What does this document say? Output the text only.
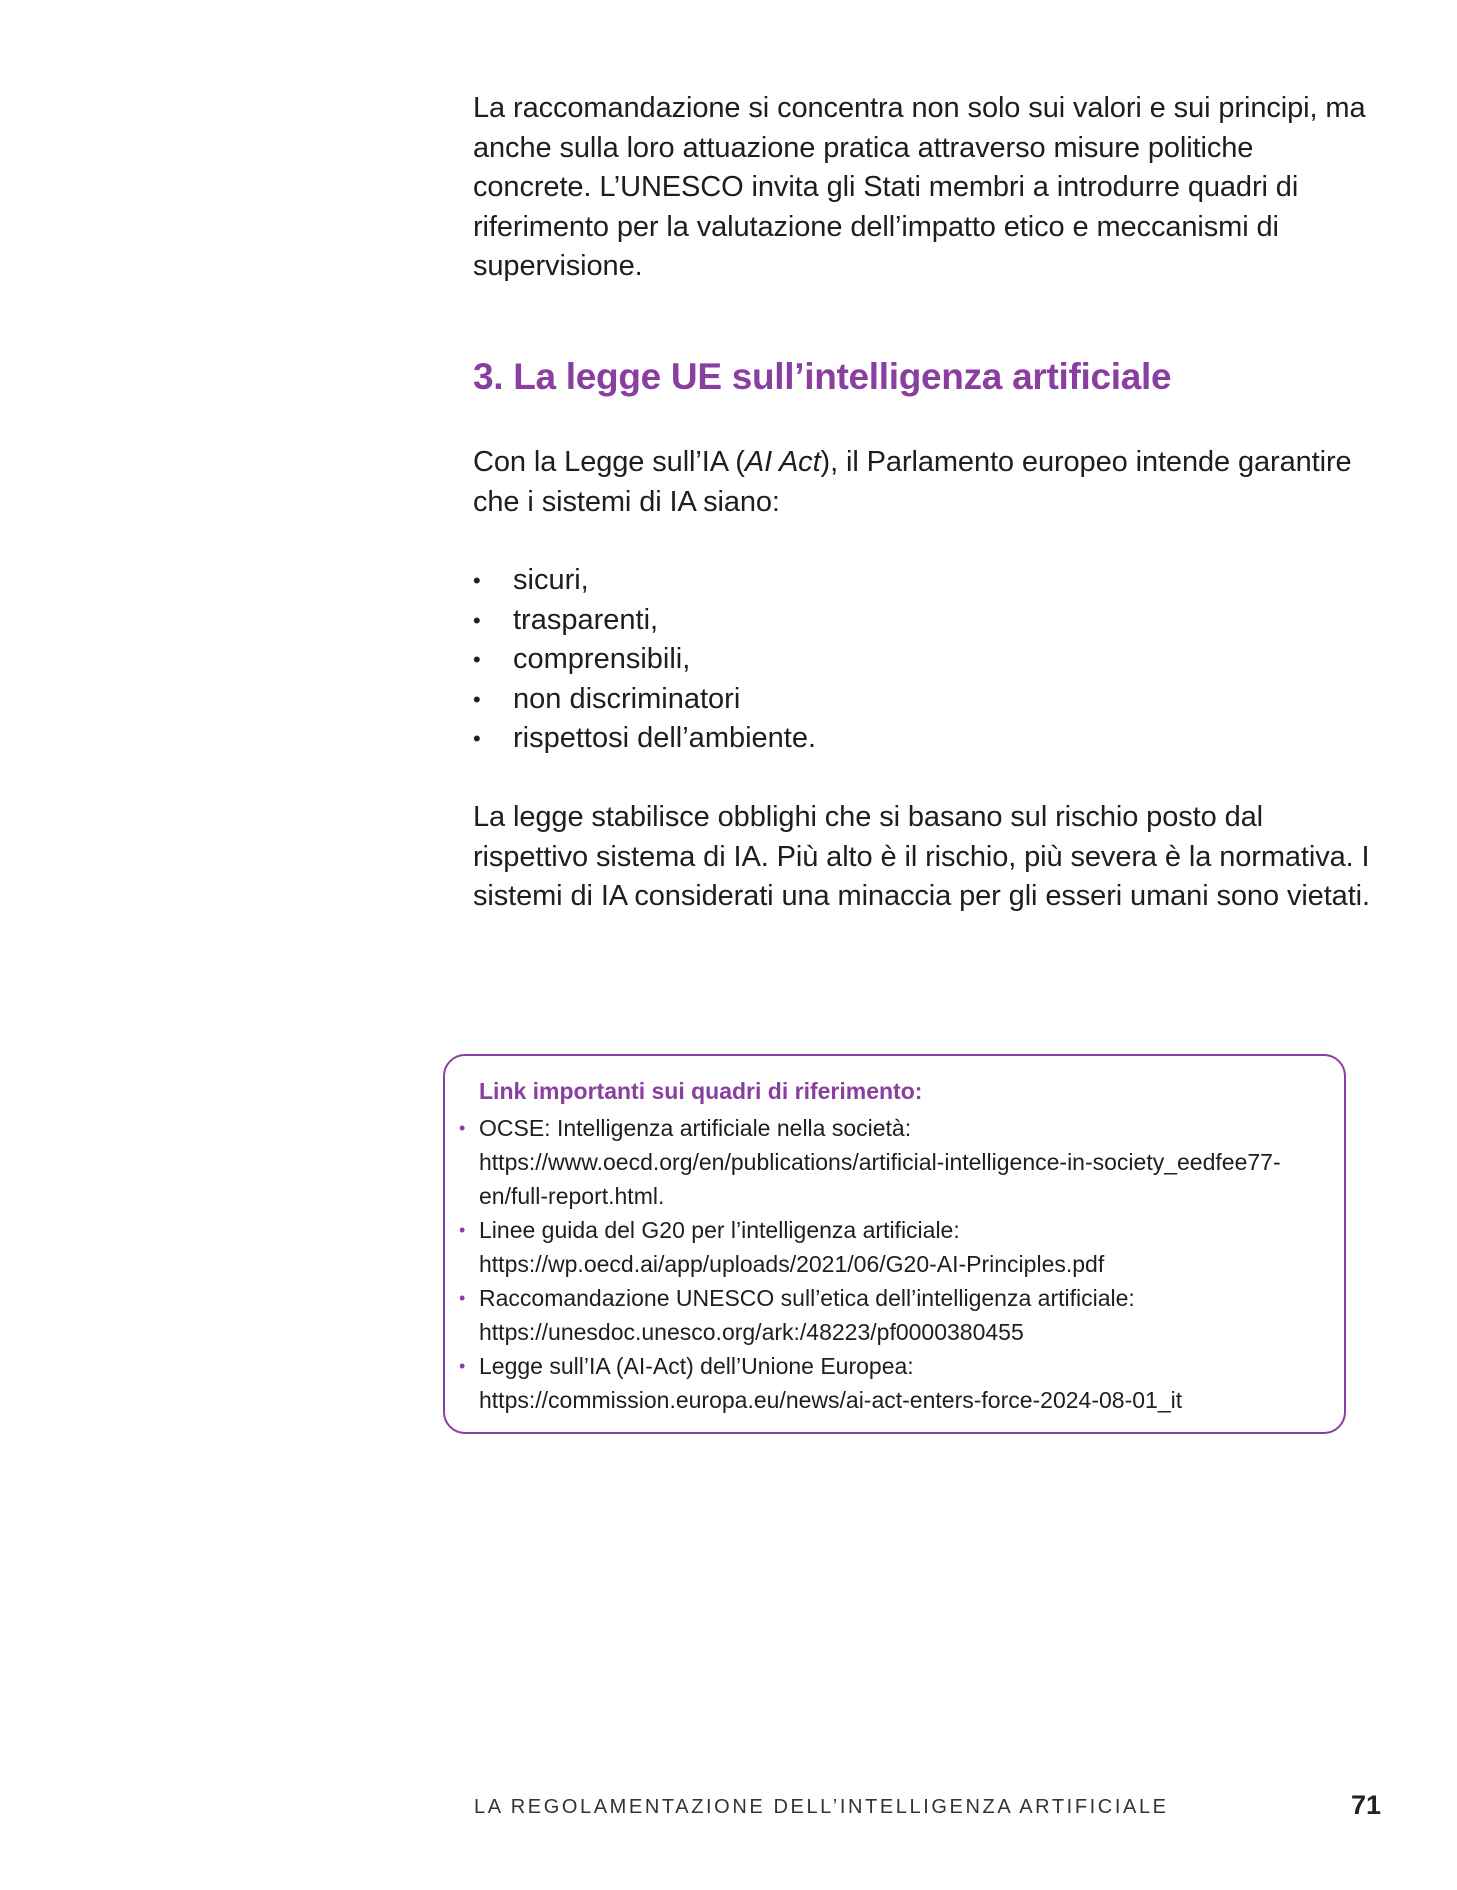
La raccomandazione si concentra non solo sui valori e sui principi, ma anche sulla loro attuazione pratica attraverso misure politiche concrete. L’UNESCO invita gli Stati membri a introdurre quadri di riferimento per la valutazione dell’impatto etico e meccanismi di supervisione.

3. La legge UE sull’intelligenza artificiale

Con la Legge sull’IA (AI Act), il Parlamento europeo intende garantire che i sistemi di IA siano:

• sicuri,
• trasparenti,
• comprensibili,
• non discriminatori
• rispettosi dell’ambiente.

La legge stabilisce obblighi che si basano sul rischio posto dal rispettivo sistema di IA. Più alto è il rischio, più severa è la normativa. I sistemi di IA considerati una minaccia per gli esseri umani sono vietati.

Link importanti sui quadri di riferimento:

• OCSE: Intelligenza artificiale nella società:
https://www.oecd.org/en/publications/artificial-intelligence-in-society_eedfee77-en/full-report.html.
• Linee guida del G20 per l’intelligenza artificiale:
https://wp.oecd.ai/app/uploads/2021/06/G20-AI-Principles.pdf
• Raccomandazione UNESCO sull’etica dell’intelligenza artificiale:
https://unesdoc.unesco.org/ark:/48223/pf0000380455
• Legge sull’IA (AI-Act) dell’Unione Europea:
https://commission.europa.eu/news/ai-act-enters-force-2024-08-01_it

LA REGOLAMENTAZIONE DELL’INTELLIGENZA ARTIFICIALE	71
